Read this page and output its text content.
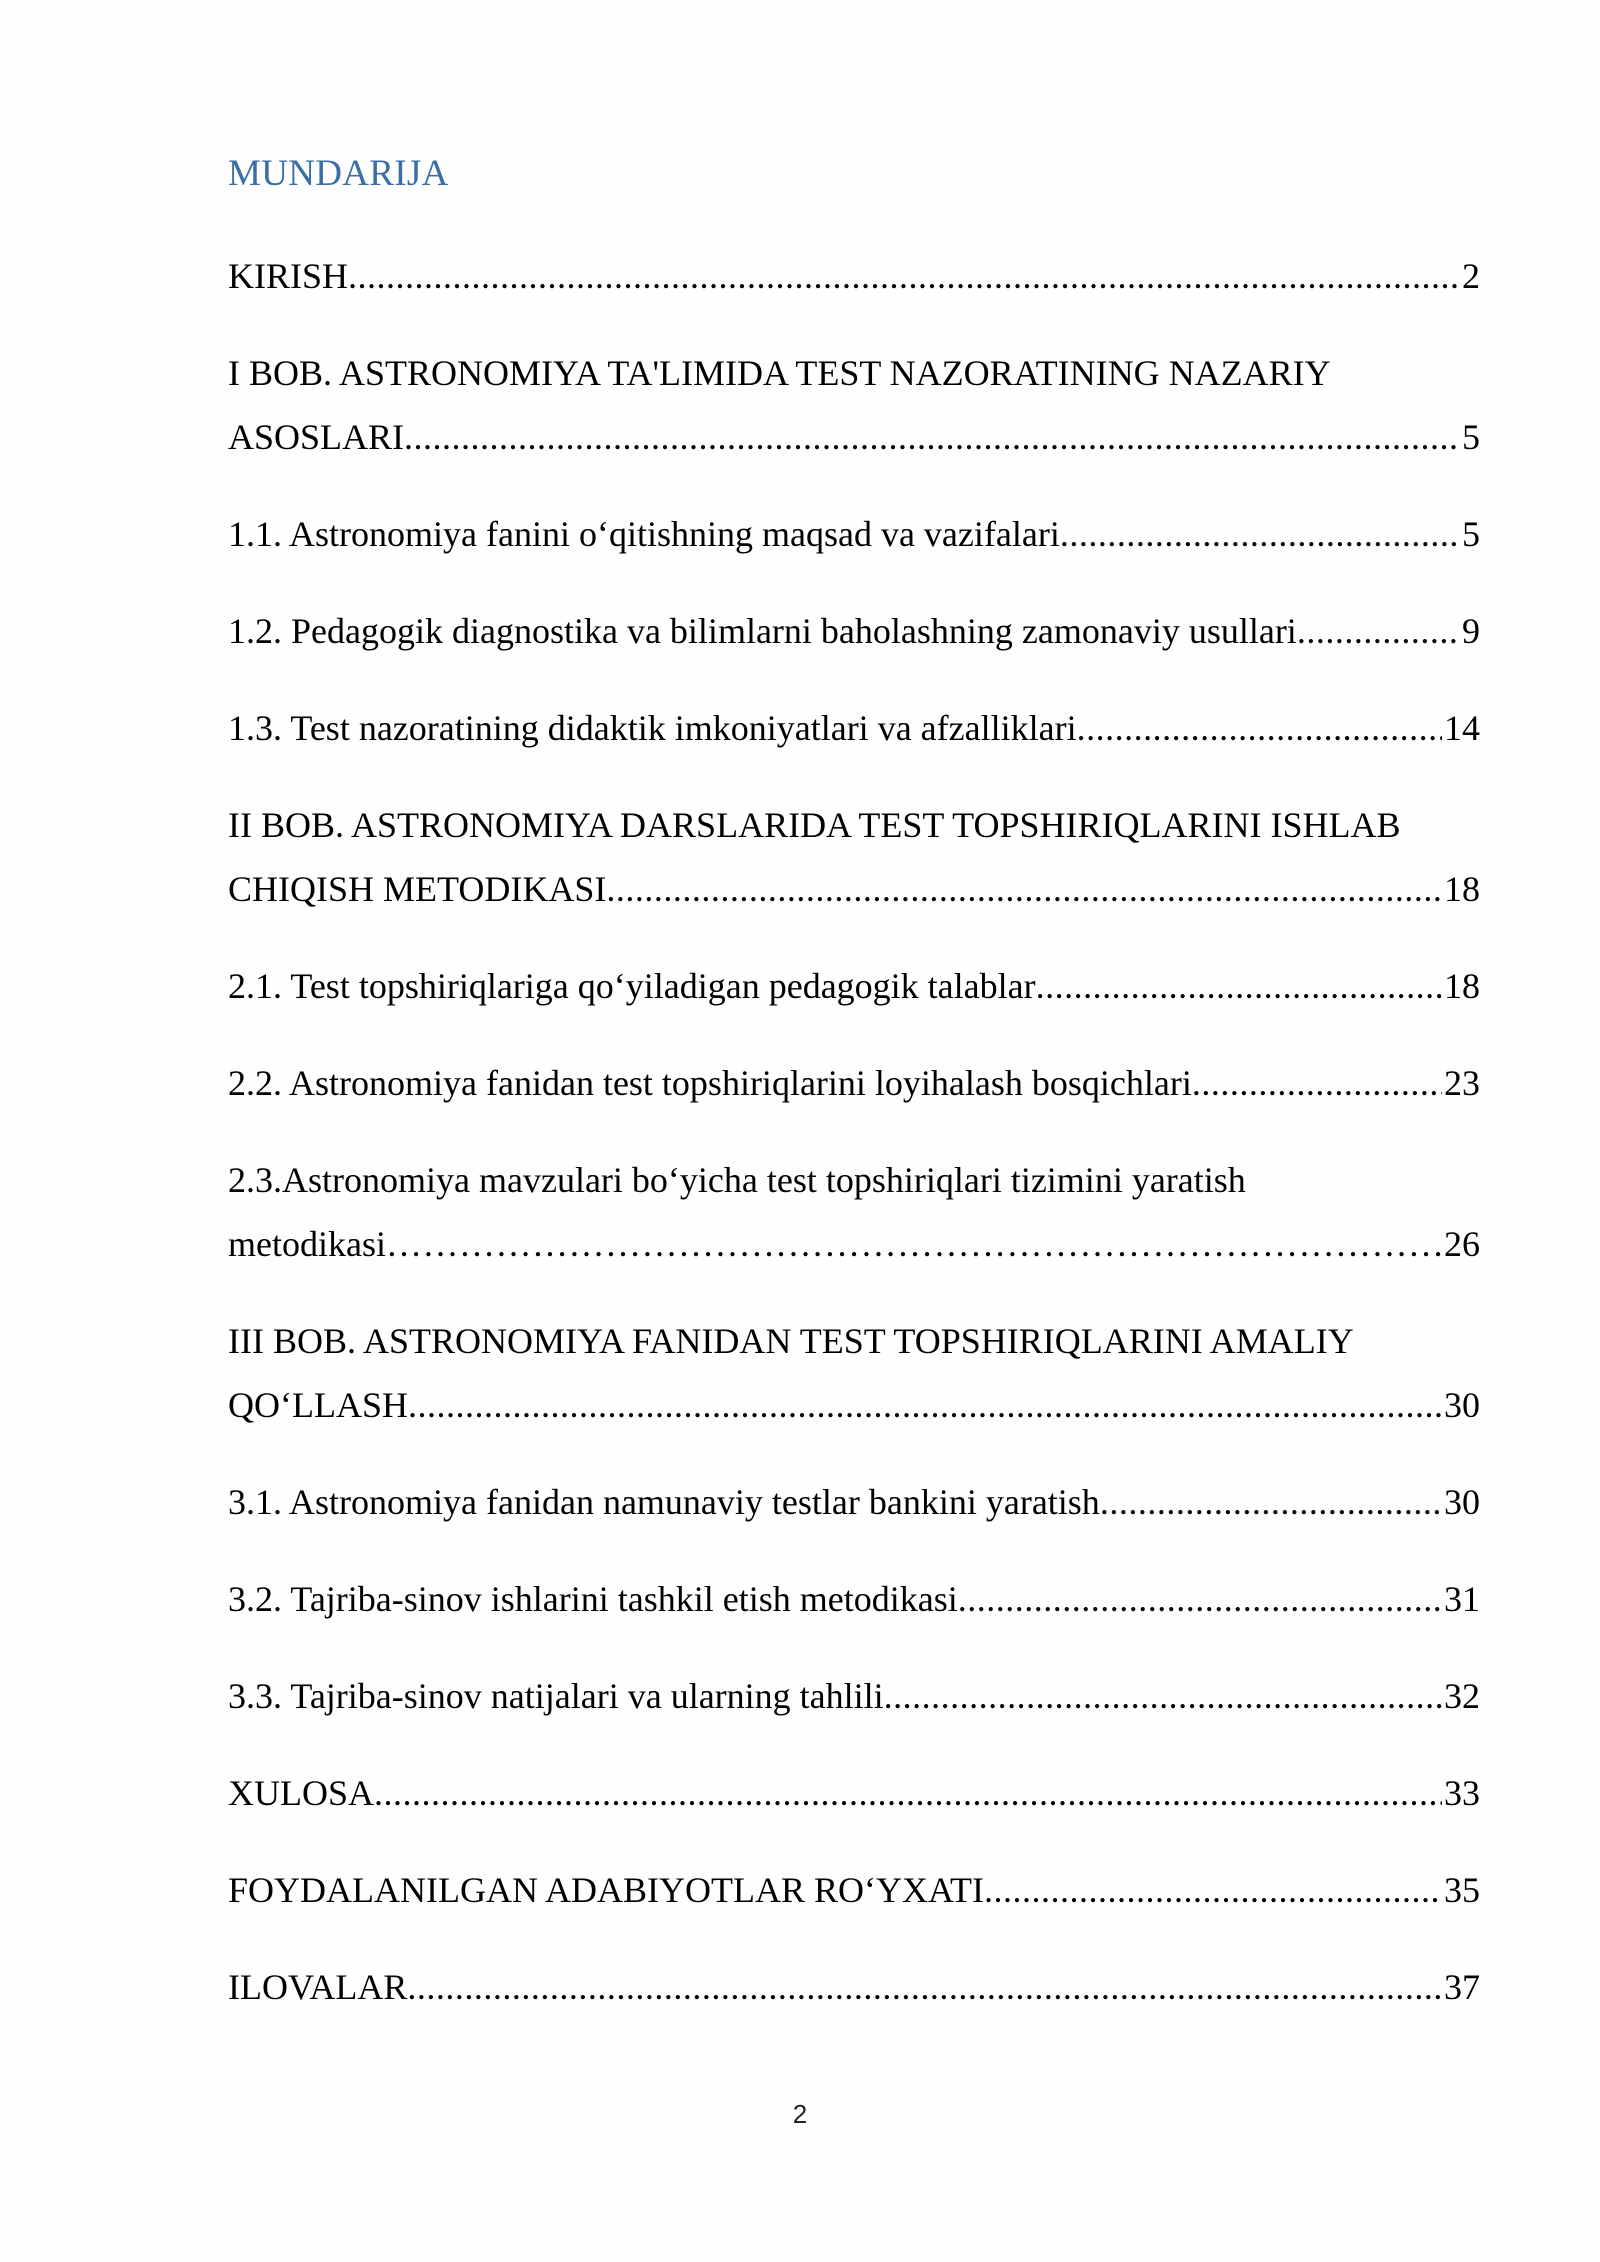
MUNDARIJA
KIRISH .....	2
I BOB. ASTRONOMIYA TA'LIMIDA TEST NAZORATINING NAZARIY
ASOSLARI .....	5
1.1. Astronomiya fanini o‘qitishning maqsad va vazifalari .....	5
1.2. Pedagogik diagnostika va bilimlarni baholashning zamonaviy usullari .....	9
1.3. Test nazoratining didaktik imkoniyatlari va afzalliklari .....	14
II BOB. ASTRONOMIYA DARSLARIDA TEST TOPSHIRIQLARINI ISHLAB
CHIQISH METODIKASI .....	18
2.1. Test topshiriqlariga qo‘yiladigan pedagogik talablar .....	18
2.2. Astronomiya fanidan test topshiriqlarini loyihalash bosqichlari .....	23
2.3.Astronomiya mavzulari bo‘yicha test topshiriqlari tizimini yaratish
metodikasi ………………………………………………………………………………………………………………………………………………………………………………………………………………	26
III BOB. ASTRONOMIYA FANIDAN TEST TOPSHIRIQLARINI AMALIY
QO‘LLASH .....	30
3.1. Astronomiya fanidan namunaviy testlar bankini yaratish .....	30
3.2. Tajriba-sinov ishlarini tashkil etish metodikasi .....	31
3.3. Tajriba-sinov natijalari va ularning tahlili .....	32
XULOSA .....	33
FOYDALANILGAN ADABIYOTLAR RO‘YXATI .....	35
ILOVALAR .....	37
2
